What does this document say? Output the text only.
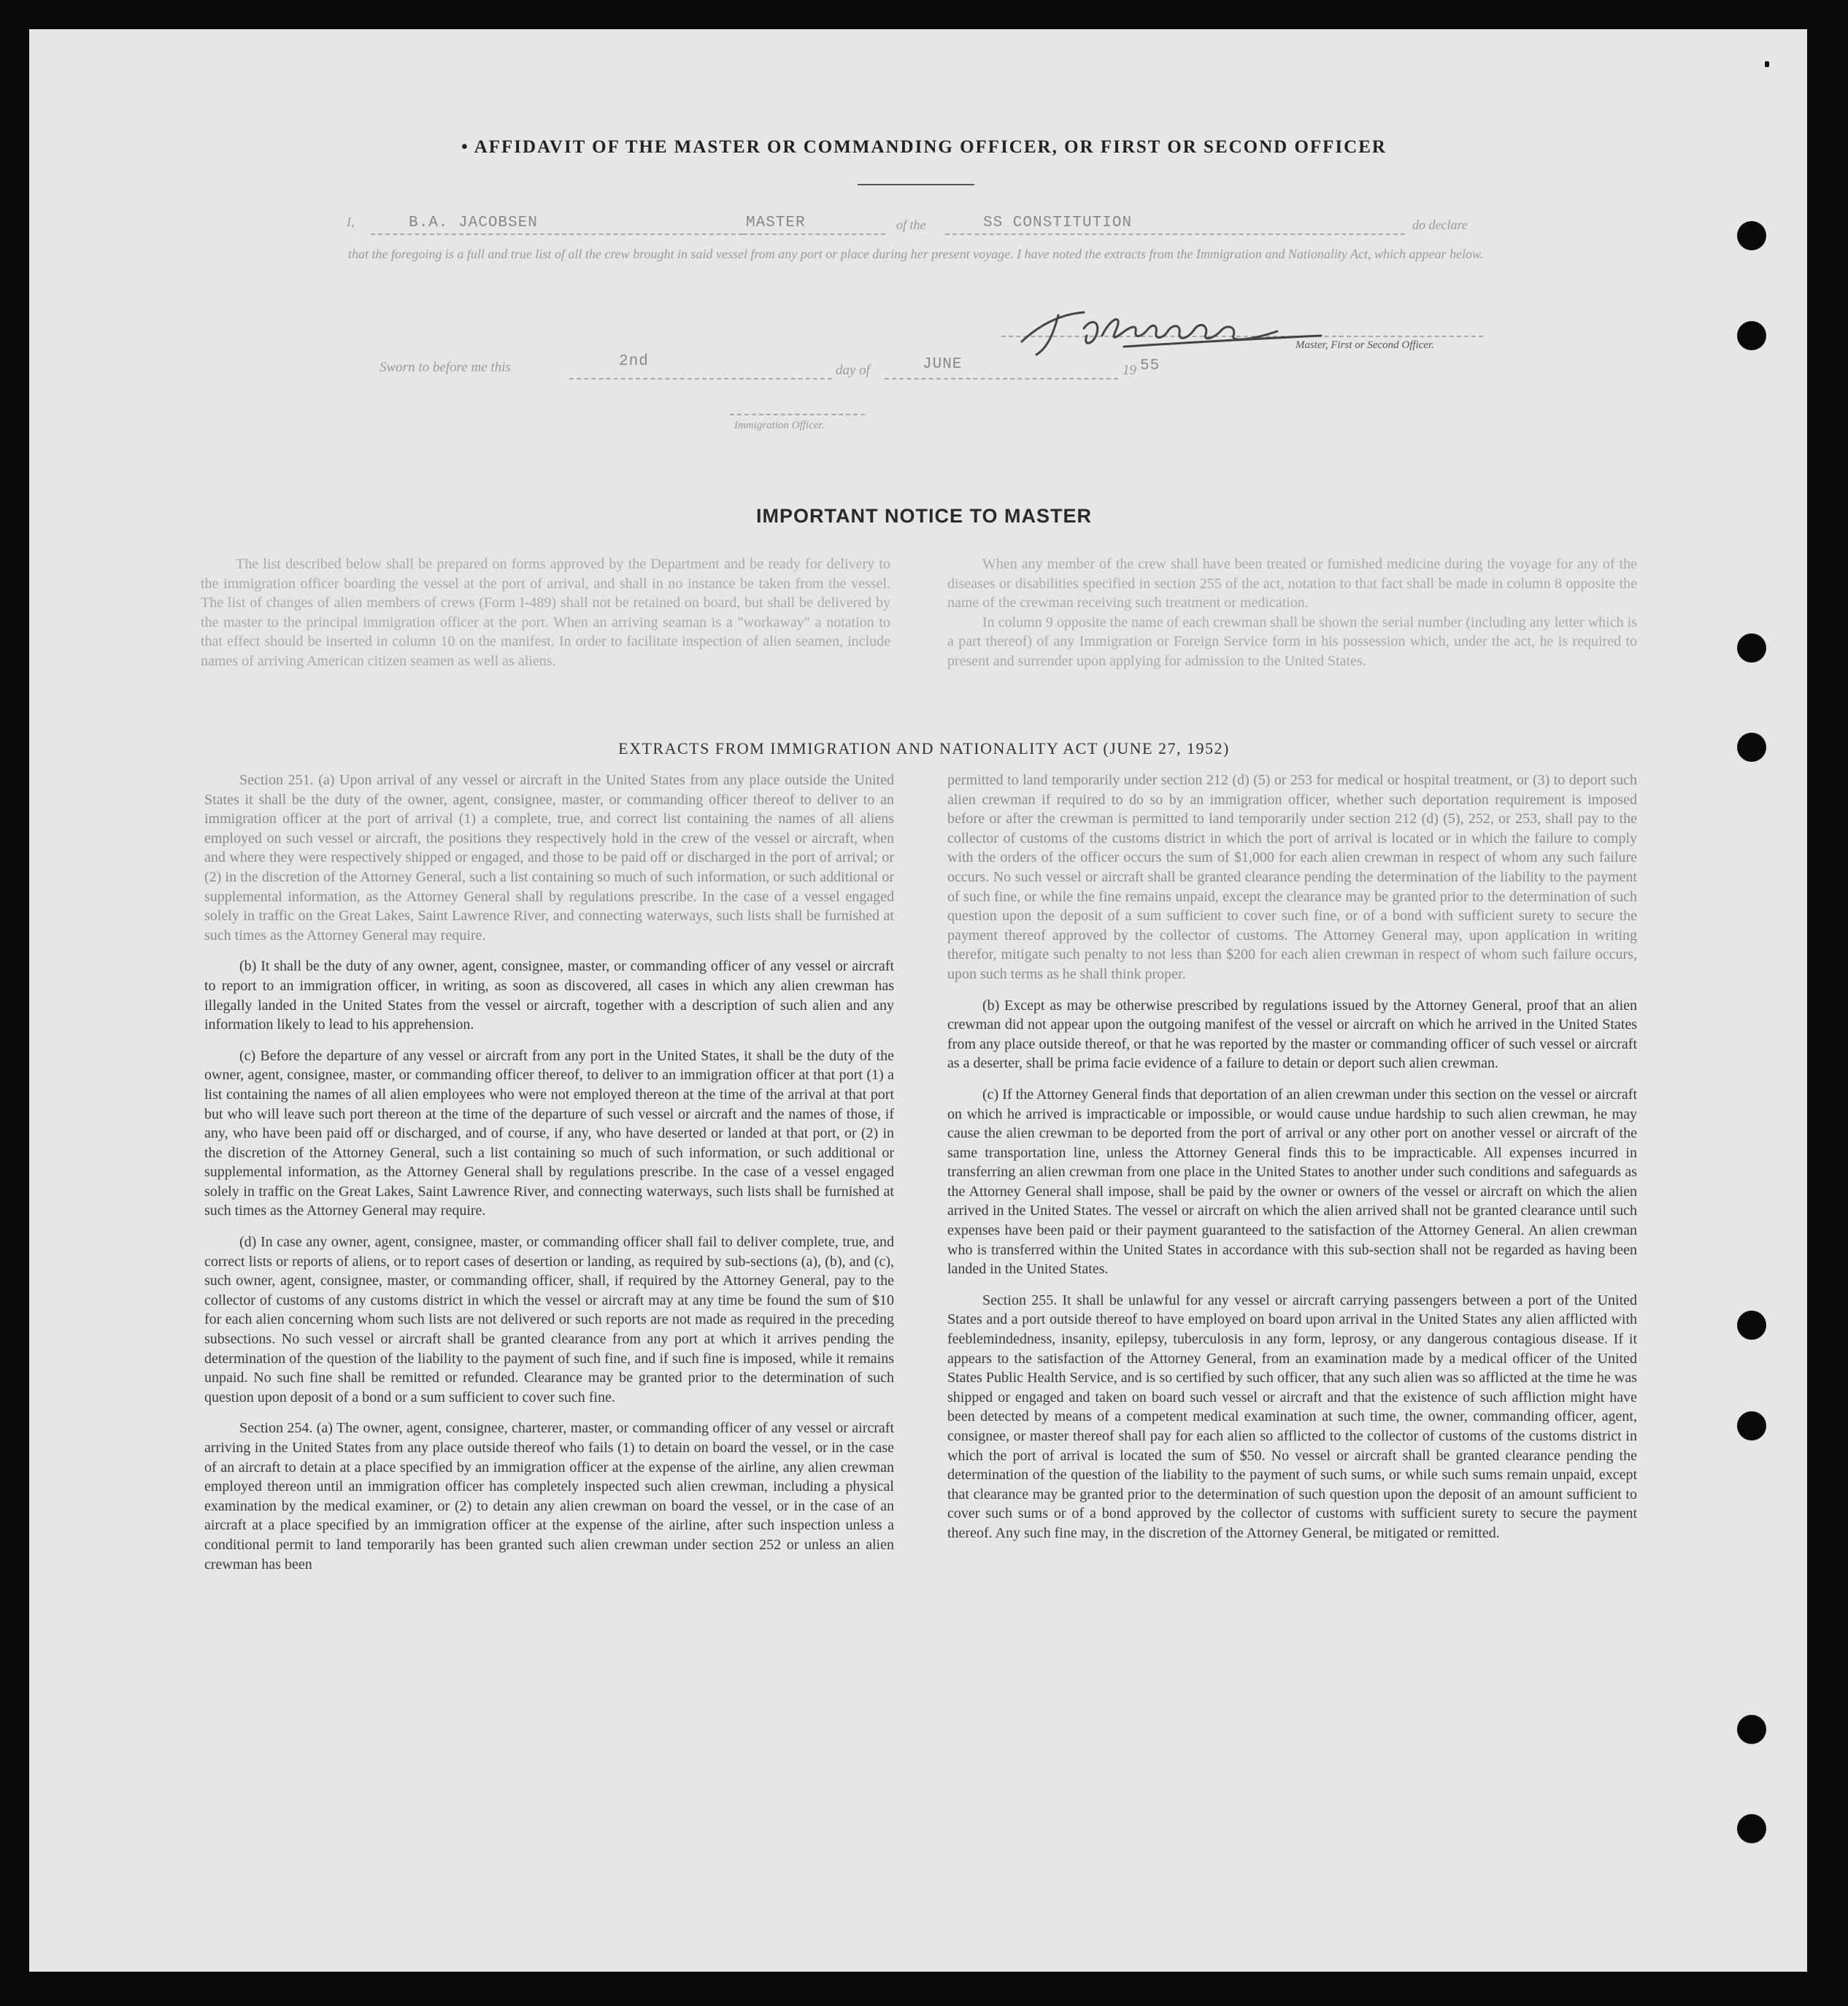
• AFFIDAVIT OF THE MASTER OR COMMANDING OFFICER, OR FIRST OR SECOND OFFICER
I,	B.A. JACOBSEN	MASTER	of the	SS CONSTITUTION	do declare
that the foregoing is a full and true list of all the crew brought in said vessel from any port or place during her present voyage. I have noted the extracts from the Immigration and Nationality Act, which appear below.
Master, First or Second Officer.
Sworn to before me this	2nd
day of	JUNE	19 55
Immigration Officer.
IMPORTANT NOTICE TO MASTER

The list described below shall be prepared on forms approved by the Department and be ready for delivery to the immigration officer boarding the vessel at the port of arrival, and shall in no instance be taken from the vessel. The list of changes of alien members of crews (Form I-489) shall not be retained on board, but shall be delivered by the master to the principal immigration officer at the port. When an arriving seaman is a "workaway" a notation to that effect should be inserted in column 10 on the manifest. In order to facilitate inspection of alien seamen, include names of arriving American citizen seamen as well as aliens.

When any member of the crew shall have been treated or furnished medicine during the voyage for any of the diseases or disabilities specified in section 255 of the act, notation to that fact shall be made in column 8 opposite the name of the crewman receiving such treatment or medication.

In column 9 opposite the name of each crewman shall be shown the serial number (including any letter which is a part thereof) of any Immigration or Foreign Service form in his possession which, under the act, he is required to present and surrender upon applying for admission to the United States.

EXTRACTS FROM IMMIGRATION AND NATIONALITY ACT (JUNE 27, 1952)

Section 251. (a) Upon arrival of any vessel or aircraft in the United States from any place outside the United States it shall be the duty of the owner, agent, consignee, master, or commanding officer thereof to deliver to an immigration officer at the port of arrival (1) a complete, true, and correct list containing the names of all aliens employed on such vessel or aircraft, the positions they respectively hold in the crew of the vessel or aircraft, when and where they were respectively shipped or engaged, and those to be paid off or discharged in the port of arrival; or (2) in the discretion of the Attorney General, such a list containing so much of such information, or such additional or supplemental information, as the Attorney General shall by regulations prescribe. In the case of a vessel engaged solely in traffic on the Great Lakes, Saint Lawrence River, and connecting waterways, such lists shall be furnished at such times as the Attorney General may require.

(b) It shall be the duty of any owner, agent, consignee, master, or commanding officer of any vessel or aircraft to report to an immigration officer, in writing, as soon as discovered, all cases in which any alien crewman has illegally landed in the United States from the vessel or aircraft, together with a description of such alien and any information likely to lead to his apprehension.

(c) Before the departure of any vessel or aircraft from any port in the United States, it shall be the duty of the owner, agent, consignee, master, or commanding officer thereof, to deliver to an immigration officer at that port (1) a list containing the names of all alien employees who were not employed thereon at the time of the arrival at that port but who will leave such port thereon at the time of the departure of such vessel or aircraft and the names of those, if any, who have been paid off or discharged, and of course, if any, who have deserted or landed at that port, or (2) in the discretion of the Attorney General, such a list containing so much of such information, or such additional or supplemental information, as the Attorney General shall by regulations prescribe. In the case of a vessel engaged solely in traffic on the Great Lakes, Saint Lawrence River, and connecting waterways, such lists shall be furnished at such times as the Attorney General may require.

(d) In case any owner, agent, consignee, master, or commanding officer shall fail to deliver complete, true, and correct lists or reports of aliens, or to report cases of desertion or landing, as required by sub-sections (a), (b), and (c), such owner, agent, consignee, master, or commanding officer, shall, if required by the Attorney General, pay to the collector of customs of any customs district in which the vessel or aircraft may at any time be found the sum of $10 for each alien concerning whom such lists are not delivered or such reports are not made as required in the preceding subsections. No such vessel or aircraft shall be granted clearance from any port at which it arrives pending the determination of the question of the liability to the payment of such fine, and if such fine is imposed, while it remains unpaid. No such fine shall be remitted or refunded. Clearance may be granted prior to the determination of such question upon deposit of a bond or a sum sufficient to cover such fine.

Section 254. (a) The owner, agent, consignee, charterer, master, or commanding officer of any vessel or aircraft arriving in the United States from any place outside thereof who fails (1) to detain on board the vessel, or in the case of an aircraft to detain at a place specified by an immigration officer at the expense of the airline, any alien crewman employed thereon until an immigration officer has completely inspected such alien crewman, including a physical examination by the medical examiner, or (2) to detain any alien crewman on board the vessel, or in the case of an aircraft at a place specified by an immigration officer at the expense of the airline, after such inspection unless a conditional permit to land temporarily has been granted such alien crewman under section 252 or unless an alien crewman has been

permitted to land temporarily under section 212 (d) (5) or 253 for medical or hospital treatment, or (3) to deport such alien crewman if required to do so by an immigration officer, whether such deportation requirement is imposed before or after the crewman is permitted to land temporarily under section 212 (d) (5), 252, or 253, shall pay to the collector of customs of the customs district in which the port of arrival is located or in which the failure to comply with the orders of the officer occurs the sum of $1,000 for each alien crewman in respect of whom any such failure occurs. No such vessel or aircraft shall be granted clearance pending the determination of the liability to the payment of such fine, or while the fine remains unpaid, except the clearance may be granted prior to the determination of such question upon the deposit of a sum sufficient to cover such fine, or of a bond with sufficient surety to secure the payment thereof approved by the collector of customs. The Attorney General may, upon application in writing therefor, mitigate such penalty to not less than $200 for each alien crewman in respect of whom such failure occurs, upon such terms as he shall think proper.

(b) Except as may be otherwise prescribed by regulations issued by the Attorney General, proof that an alien crewman did not appear upon the outgoing manifest of the vessel or aircraft on which he arrived in the United States from any place outside thereof, or that he was reported by the master or commanding officer of such vessel or aircraft as a deserter, shall be prima facie evidence of a failure to detain or deport such alien crewman.

(c) If the Attorney General finds that deportation of an alien crewman under this section on the vessel or aircraft on which he arrived is impracticable or impossible, or would cause undue hardship to such alien crewman, he may cause the alien crewman to be deported from the port of arrival or any other port on another vessel or aircraft of the same transportation line, unless the Attorney General finds this to be impracticable. All expenses incurred in transferring an alien crewman from one place in the United States to another under such conditions and safeguards as the Attorney General shall impose, shall be paid by the owner or owners of the vessel or aircraft on which the alien arrived in the United States. The vessel or aircraft on which the alien arrived shall not be granted clearance until such expenses have been paid or their payment guaranteed to the satisfaction of the Attorney General. An alien crewman who is transferred within the United States in accordance with this sub-section shall not be regarded as having been landed in the United States.

Section 255. It shall be unlawful for any vessel or aircraft carrying passengers between a port of the United States and a port outside thereof to have employed on board upon arrival in the United States any alien afflicted with feeblemindedness, insanity, epilepsy, tuberculosis in any form, leprosy, or any dangerous contagious disease. If it appears to the satisfaction of the Attorney General, from an examination made by a medical officer of the United States Public Health Service, and is so certified by such officer, that any such alien was so afflicted at the time he was shipped or engaged and taken on board such vessel or aircraft and that the existence of such affliction might have been detected by means of a competent medical examination at such time, the owner, commanding officer, agent, consignee, or master thereof shall pay for each alien so afflicted to the collector of customs of the customs district in which the port of arrival is located the sum of $50. No vessel or aircraft shall be granted clearance pending the determination of the question of the liability to the payment of such sums, or while such sums remain unpaid, except that clearance may be granted prior to the determination of such question upon the deposit of an amount sufficient to cover such sums or of a bond approved by the collector of customs with sufficient surety to secure the payment thereof. Any such fine may, in the discretion of the Attorney General, be mitigated or remitted.
